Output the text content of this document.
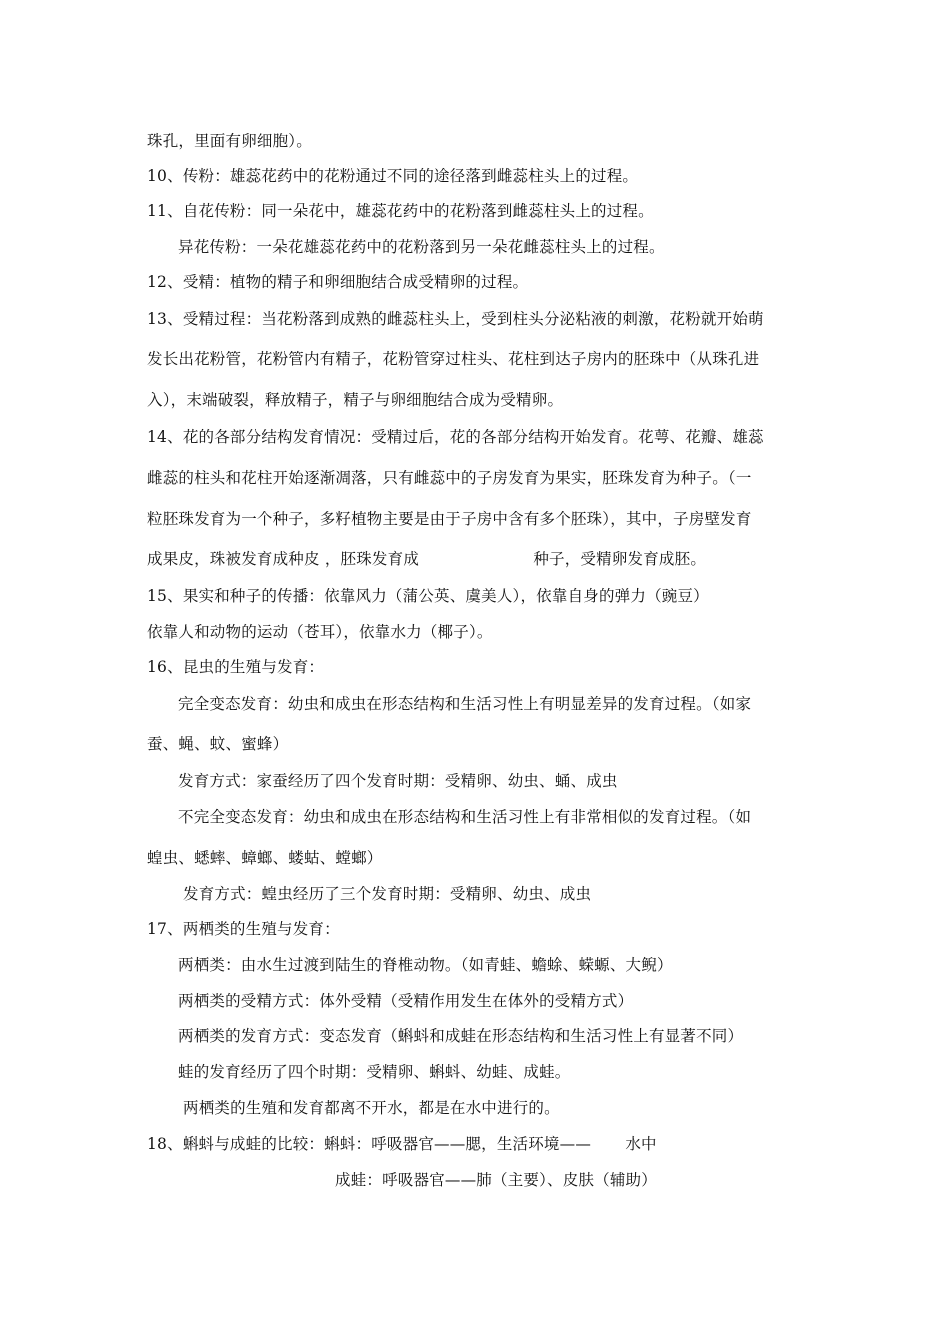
珠孔，里面有卵细胞）。
10、传粉：雄蕊花药中的花粉通过不同的途径落到雌蕊柱头上的过程。
11、自花传粉：同一朵花中，雄蕊花药中的花粉落到雌蕊柱头上的过程。
异花传粉：一朵花雄蕊花药中的花粉落到另一朵花雌蕊柱头上的过程。
12、受精：植物的精子和卵细胞结合成受精卵的过程。
13、受精过程：当花粉落到成熟的雌蕊柱头上，受到柱头分泌粘液的刺激，花粉就开始萌
发长出花粉管，花粉管内有精子，花粉管穿过柱头、花柱到达子房内的胚珠中（从珠孔进
入），末端破裂，释放精子，精子与卵细胞结合成为受精卵。
14、花的各部分结构发育情况：受精过后，花的各部分结构开始发育。花萼、花瓣、雄蕊
雌蕊的柱头和花柱开始逐渐凋落，只有雌蕊中的子房发育为果实，胚珠发育为种子。（一
粒胚珠发育为一个种子，多籽植物主要是由于子房中含有多个胚珠），其中，子房壁发育
成果皮，珠被发育成种皮 ，胚珠发育成	种子，受精卵发育成胚。
15、果实和种子的传播：依靠风力（蒲公英、虞美人），依靠自身的弹力（豌豆）
依靠人和动物的运动（苍耳），依靠水力（椰子）。
16、昆虫的生殖与发育：
完全变态发育：幼虫和成虫在形态结构和生活习性上有明显差异的发育过程。（如家
蚕、蝇、蚊、蜜蜂）
发育方式：家蚕经历了四个发育时期：受精卵、幼虫、蛹、成虫
不完全变态发育：幼虫和成虫在形态结构和生活习性上有非常相似的发育过程。（如
蝗虫、蟋蟀、蟑螂、蝼蛄、螳螂）
发育方式：蝗虫经历了三个发育时期：受精卵、幼虫、成虫
17、两栖类的生殖与发育：
两栖类：由水生过渡到陆生的脊椎动物。（如青蛙、蟾蜍、蝾螈、大鲵）
两栖类的受精方式：体外受精（受精作用发生在体外的受精方式）
两栖类的发育方式：变态发育（蝌蚪和成蛙在形态结构和生活习性上有显著不同）
蛙的发育经历了四个时期：受精卵、蝌蚪、幼蛙、成蛙。
两栖类的生殖和发育都离不开水，都是在水中进行的。
18、蝌蚪与成蛙的比较：蝌蚪：呼吸器官——腮，生活环境—— 水中
成蛙：呼吸器官——肺（主要）、皮肤（辅助）
